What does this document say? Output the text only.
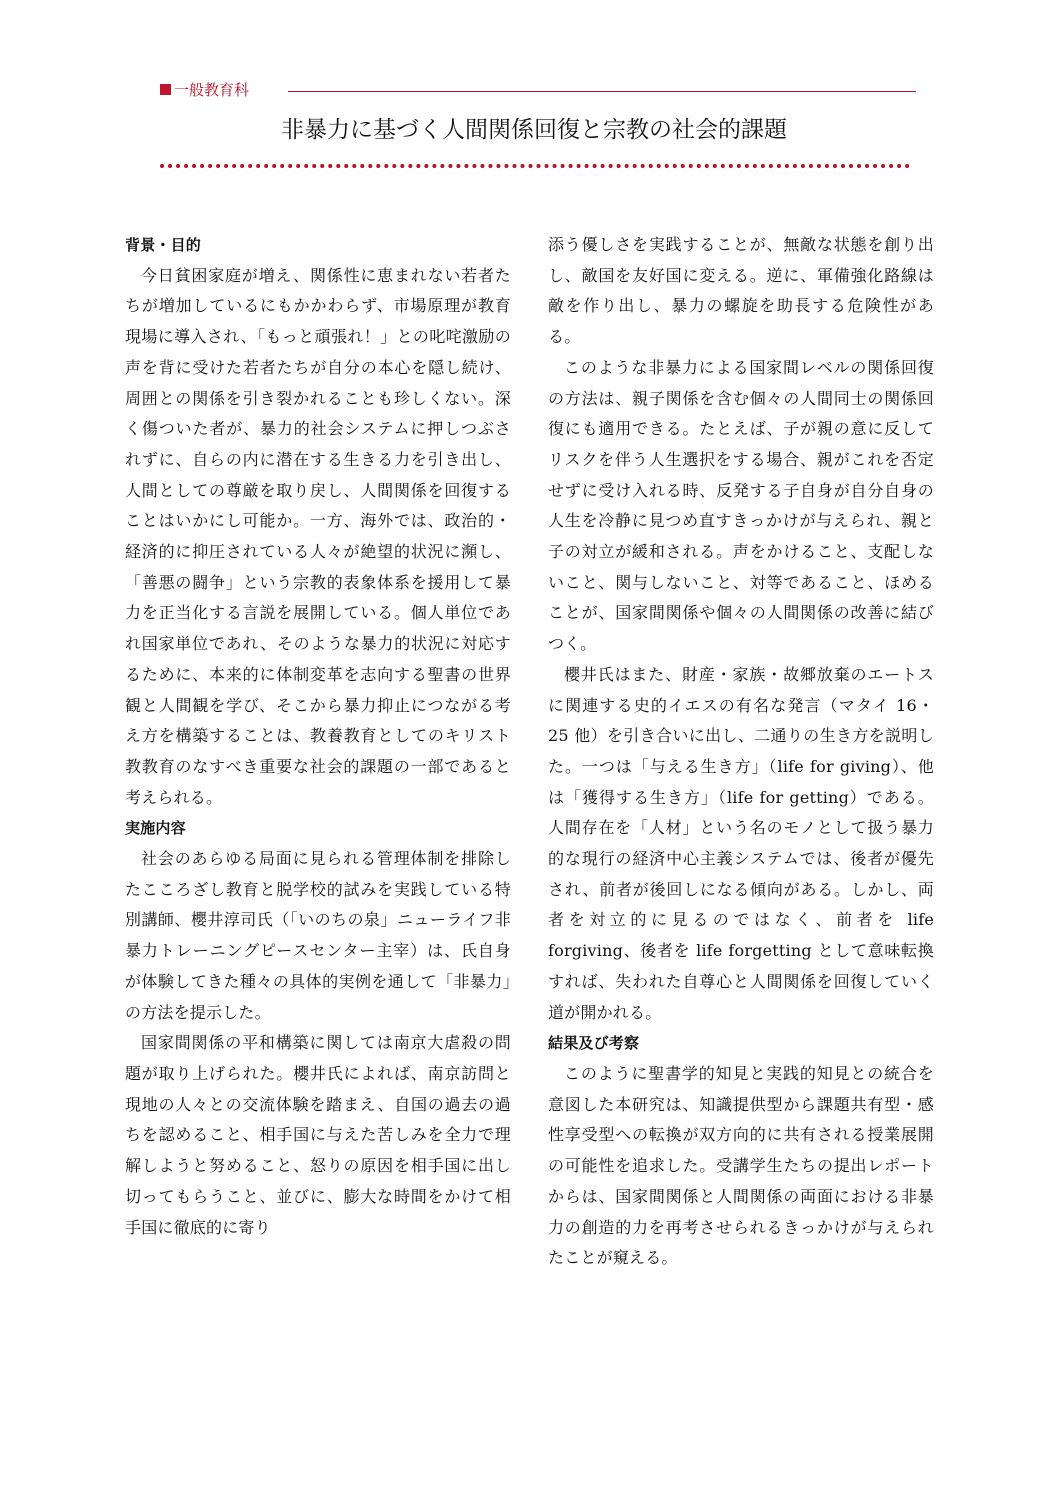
一般教育科
非暴力に基づく人間関係回復と宗教の社会的課題

背景・目的

今日貧困家庭が増え、関係性に恵まれない若者たちが増加しているにもかかわらず、市場原理が教育現場に導入され、「もっと頑張れ！」との叱咤激励の声を背に受けた若者たちが自分の本心を隠し続け、周囲との関係を引き裂かれることも珍しくない。深く傷ついた者が、暴力的社会システムに押しつぶされずに、自らの内に潜在する生きる力を引き出し、人間としての尊厳を取り戻し、人間関係を回復することはいかにし可能か。一方、海外では、政治的・経済的に抑圧されている人々が絶望的状況に瀕し、「善悪の闘争」という宗教的表象体系を援用して暴力を正当化する言説を展開している。個人単位であれ国家単位であれ、そのような暴力的状況に対応するために、本来的に体制変革を志向する聖書の世界観と人間観を学び、そこから暴力抑止につながる考え方を構築することは、教養教育としてのキリスト教教育のなすべき重要な社会的課題の一部であると考えられる。

実施内容

社会のあらゆる局面に見られる管理体制を排除したこころざし教育と脱学校的試みを実践している特別講師、櫻井淳司氏（「いのちの泉」ニューライフ非暴力トレーニングピースセンター主宰）は、氏自身が体験してきた種々の具体的実例を通して「非暴力」の方法を提示した。

国家間関係の平和構築に関しては南京大虐殺の問題が取り上げられた。櫻井氏によれば、南京訪問と現地の人々との交流体験を踏まえ、自国の過去の過ちを認めること、相手国に与えた苦しみを全力で理解しようと努めること、怒りの原因を相手国に出し切ってもらうこと、並びに、膨大な時間をかけて相手国に徹底的に寄り

添う優しさを実践することが、無敵な状態を創り出し、敵国を友好国に変える。逆に、軍備強化路線は敵を作り出し、暴力の螺旋を助長する危険性がある。

このような非暴力による国家間レベルの関係回復の方法は、親子関係を含む個々の人間同士の関係回復にも適用できる。たとえば、子が親の意に反してリスクを伴う人生選択をする場合、親がこれを否定せずに受け入れる時、反発する子自身が自分自身の人生を冷静に見つめ直すきっかけが与えられ、親と子の対立が緩和される。声をかけること、支配しないこと、関与しないこと、対等であること、ほめることが、国家間関係や個々の人間関係の改善に結びつく。

櫻井氏はまた、財産・家族・故郷放棄のエートスに関連する史的イエスの有名な発言（マタイ 16・25 他）を引き合いに出し、二通りの生き方を説明した。一つは「与える生き方」（life for giving）、他は「獲得する生き方」（life for getting）である。人間存在を「人材」という名のモノとして扱う暴力的な現行の経済中心主義システムでは、後者が優先され、前者が後回しになる傾向がある。しかし、両者を対立的に見るのではなく、前者を life forgiving、後者を life forgetting として意味転換すれば、失われた自尊心と人間関係を回復していく道が開かれる。

結果及び考察

このように聖書学的知見と実践的知見との統合を意図した本研究は、知識提供型から課題共有型・感性享受型への転換が双方向的に共有される授業展開の可能性を追求した。受講学生たちの提出レポートからは、国家間関係と人間関係の両面における非暴力の創造的力を再考させられるきっかけが与えられたことが窺える。
